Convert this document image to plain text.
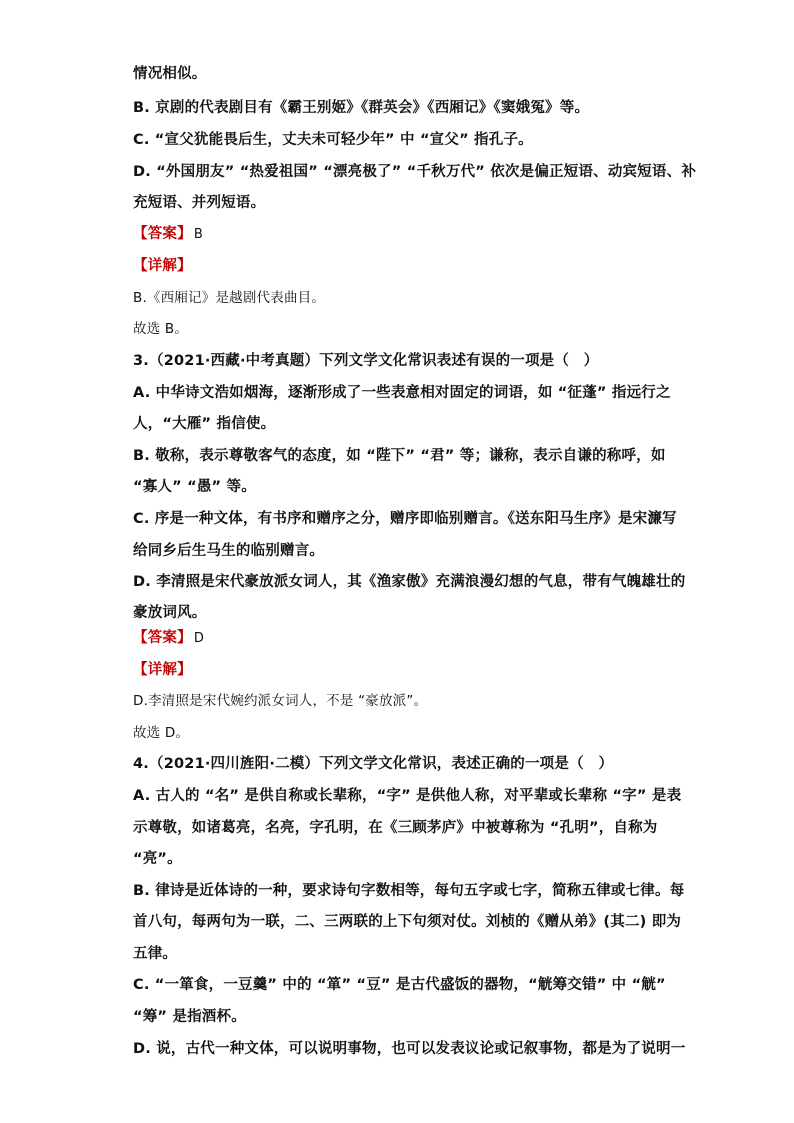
情况相似。
B. 京剧的代表剧目有《霸王别姬》《群英会》《西厢记》《窦娥冤》等。
C. “宣父犹能畏后生，丈夫未可轻少年” 中 “宣父” 指孔子。
D. “外国朋友” “热爱祖国” “漂亮极了” “千秋万代” 依次是偏正短语、动宾短语、补
充短语、并列短语。
【答案】 B
【详解】
B.《西厢记》是越剧代表曲目。
故选 B。
3.（2021·西藏·中考真题）下列文学文化常识表述有误的一项是（　）
A. 中华诗文浩如烟海，逐渐形成了一些表意相对固定的词语，如 “征蓬” 指远行之
人，“大雁” 指信使。
B. 敬称，表示尊敬客气的态度，如 “陛下” “君” 等；谦称，表示自谦的称呼，如
“寡人” “愚” 等。
C. 序是一种文体，有书序和赠序之分，赠序即临别赠言。《送东阳马生序》是宋濂写
给同乡后生马生的临别赠言。
D. 李清照是宋代豪放派女词人，其《渔家傲》充满浪漫幻想的气息，带有气魄雄壮的
豪放词风。
【答案】 D
【详解】
D.李清照是宋代婉约派女词人，不是 “豪放派”。
故选 D。
4.（2021·四川旌阳·二模）下列文学文化常识，表述正确的一项是（　）
A. 古人的 “名” 是供自称或长辈称，“字” 是供他人称，对平辈或长辈称 “字” 是表
示尊敬，如诸葛亮，名亮，字孔明，在《三顾茅庐》中被尊称为 “孔明”，自称为
“亮”。
B. 律诗是近体诗的一种，要求诗句字数相等，每句五字或七字，简称五律或七律。每
首八句，每两句为一联，二、三两联的上下句须对仗。刘桢的《赠从弟》(其二) 即为
五律。
C. “一箪食，一豆羹” 中的 “箪” “豆” 是古代盛饭的器物，“觥筹交错” 中 “觥”
“筹” 是指酒杯。
D. 说，古代一种文体，可以说明事物，也可以发表议论或记叙事物，都是为了说明一
